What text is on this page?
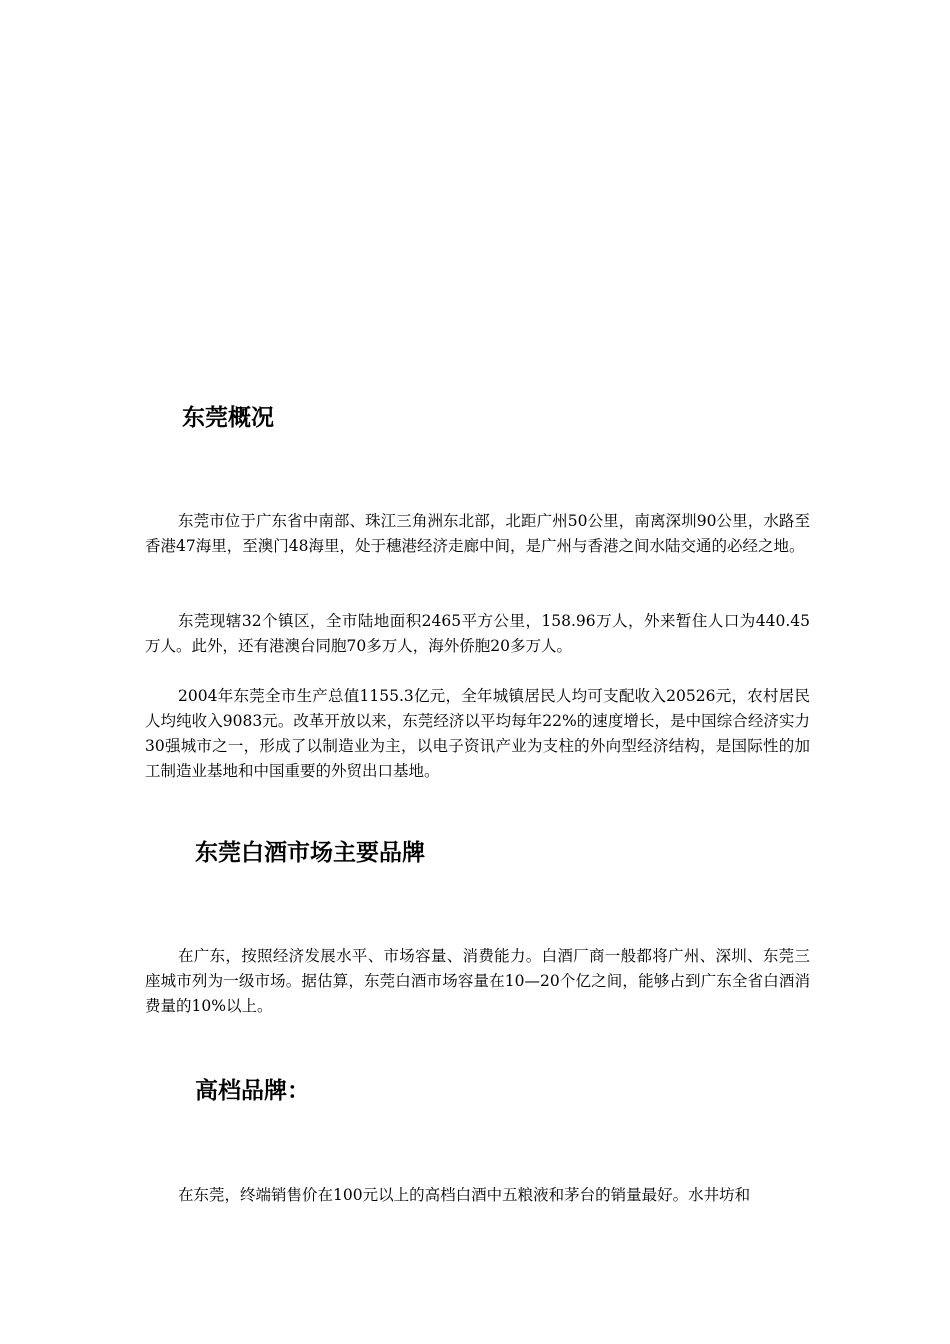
东莞概况

东莞市位于广东省中南部、珠江三角洲东北部，北距广州50公里，南离深圳90公里，水路至香港47海里，至澳门48海里，处于穗港经济走廊中间，是广州与香港之间水陆交通的必经之地。

东莞现辖32个镇区，全市陆地面积2465平方公里，158.96万人，外来暂住人口为440.45万人。此外，还有港澳台同胞70多万人，海外侨胞20多万人。

2004年东莞全市生产总值1155.3亿元，全年城镇居民人均可支配收入20526元，农村居民人均纯收入9083元。改革开放以来，东莞经济以平均每年22%的速度增长，是中国综合经济实力30强城市之一，形成了以制造业为主，以电子资讯产业为支柱的外向型经济结构，是国际性的加工制造业基地和中国重要的外贸出口基地。

东莞白酒市场主要品牌

在广东，按照经济发展水平、市场容量、消费能力。白酒厂商一般都将广州、深圳、东莞三座城市列为一级市场。据估算，东莞白酒市场容量在10—20个亿之间，能够占到广东全省白酒消费量的10%以上。

高档品牌：

在东莞，终端销售价在100元以上的高档白酒中五粮液和茅台的销量最好。水井坊和
